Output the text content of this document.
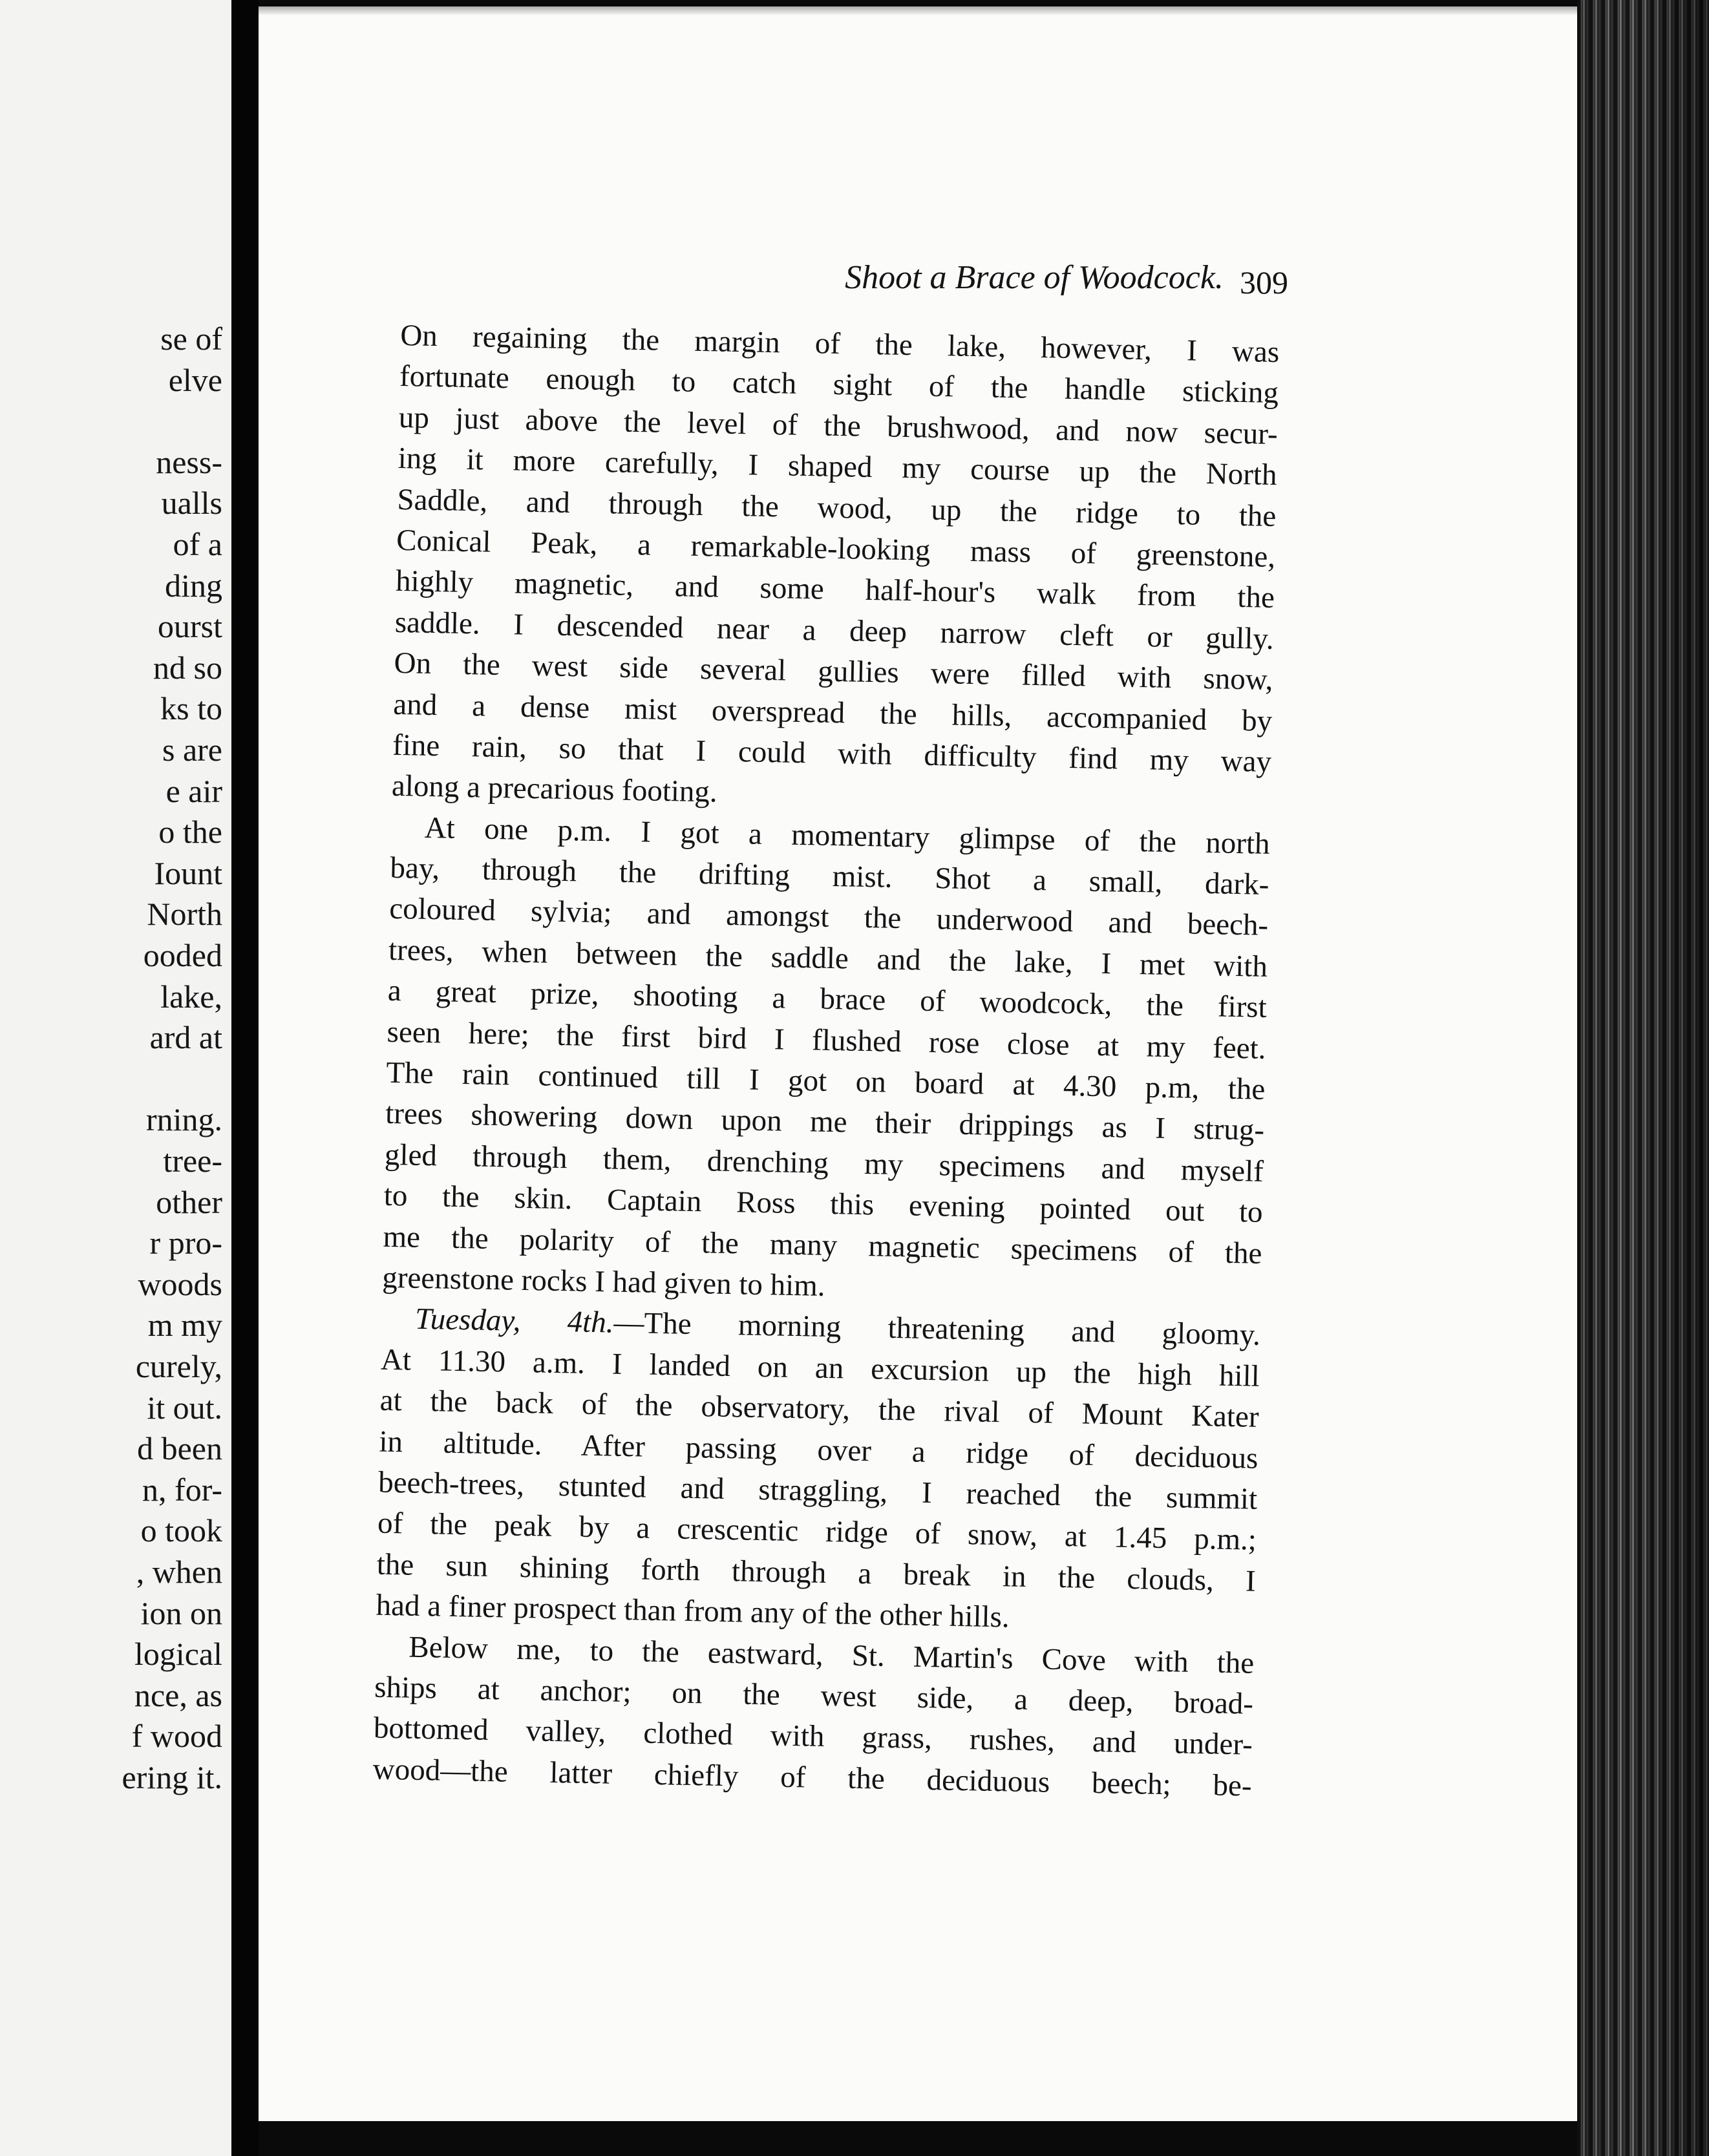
se of
elve
ness-
ualls
of a
ding
ourst
nd so
ks to
s are
e air
o the
Iount
North
ooded
lake,
ard at
rning.
tree-
other
r pro-
woods
m my
curely,
it out.
d been
n, for-
o took
, when
ion on
logical
nce, as
f wood
ering it.
Shoot a Brace of Woodcock. 309
On regaining the margin of the lake, however, I was
fortunate enough to catch sight of the handle sticking
up just above the level of the brushwood, and now secur-
ing it more carefully, I shaped my course up the North
Saddle, and through the wood, up the ridge to the
Conical Peak, a remarkable-looking mass of greenstone,
highly magnetic, and some half-hour's walk from the
saddle. I descended near a deep narrow cleft or gully.
On the west side several gullies were filled with snow,
and a dense mist overspread the hills, accompanied by
fine rain, so that I could with difficulty find my way
along a precarious footing.
At one p.m. I got a momentary glimpse of the north
bay, through the drifting mist. Shot a small, dark-
coloured sylvia; and amongst the underwood and beech-
trees, when between the saddle and the lake, I met with
a great prize, shooting a brace of woodcock, the first
seen here; the first bird I flushed rose close at my feet.
The rain continued till I got on board at 4.30 p.m, the
trees showering down upon me their drippings as I strug-
gled through them, drenching my specimens and myself
to the skin. Captain Ross this evening pointed out to
me the polarity of the many magnetic specimens of the
greenstone rocks I had given to him.
Tuesday, 4th.—The morning threatening and gloomy.
At 11.30 a.m. I landed on an excursion up the high hill
at the back of the observatory, the rival of Mount Kater
in altitude. After passing over a ridge of deciduous
beech-trees, stunted and straggling, I reached the summit
of the peak by a crescentic ridge of snow, at 1.45 p.m.;
the sun shining forth through a break in the clouds, I
had a finer prospect than from any of the other hills.
Below me, to the eastward, St. Martin's Cove with the
ships at anchor; on the west side, a deep, broad-
bottomed valley, clothed with grass, rushes, and under-
wood—the latter chiefly of the deciduous beech; be-
